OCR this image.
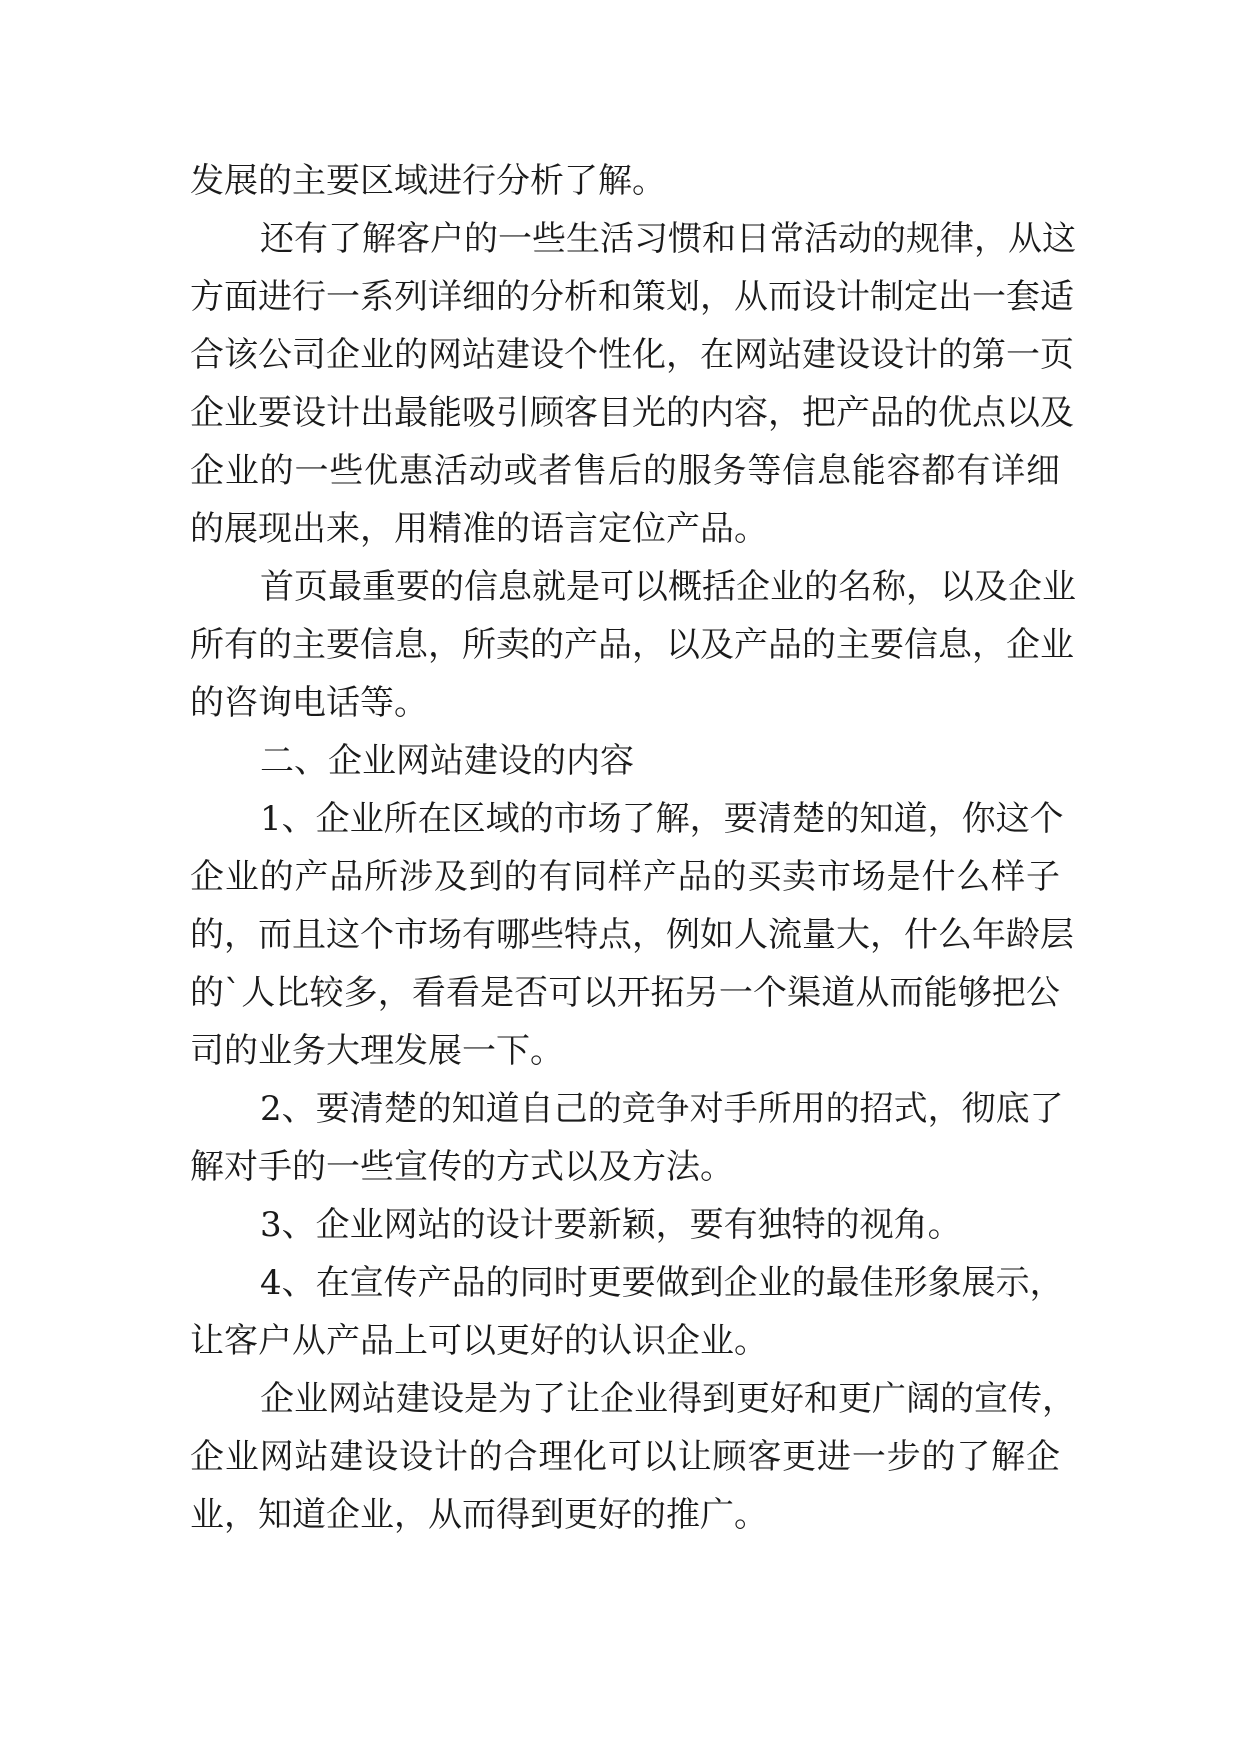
发展的主要区域进行分析了解。
还有了解客户的一些生活习惯和日常活动的规律，从这
方面进行一系列详细的分析和策划，从而设计制定出一套适
合该公司企业的网站建设个性化，在网站建设设计的第一页
企业要设计出最能吸引顾客目光的内容，把产品的优点以及
企业的一些优惠活动或者售后的服务等信息能容都有详细
的展现出来，用精准的语言定位产品。
首页最重要的信息就是可以概括企业的名称，以及企业
所有的主要信息，所卖的产品，以及产品的主要信息，企业
的咨询电话等。
二、企业网站建设的内容
1、企业所在区域的市场了解，要清楚的知道，你这个
企业的产品所涉及到的有同样产品的买卖市场是什么样子
的，而且这个市场有哪些特点，例如人流量大，什么年龄层
的`人比较多，看看是否可以开拓另一个渠道从而能够把公
司的业务大理发展一下。
2、要清楚的知道自己的竞争对手所用的招式，彻底了
解对手的一些宣传的方式以及方法。
3、企业网站的设计要新颖，要有独特的视角。
4、在宣传产品的同时更要做到企业的最佳形象展示，
让客户从产品上可以更好的认识企业。
企业网站建设是为了让企业得到更好和更广阔的宣传，
企业网站建设设计的合理化可以让顾客更进一步的了解企
业，知道企业，从而得到更好的推广。
